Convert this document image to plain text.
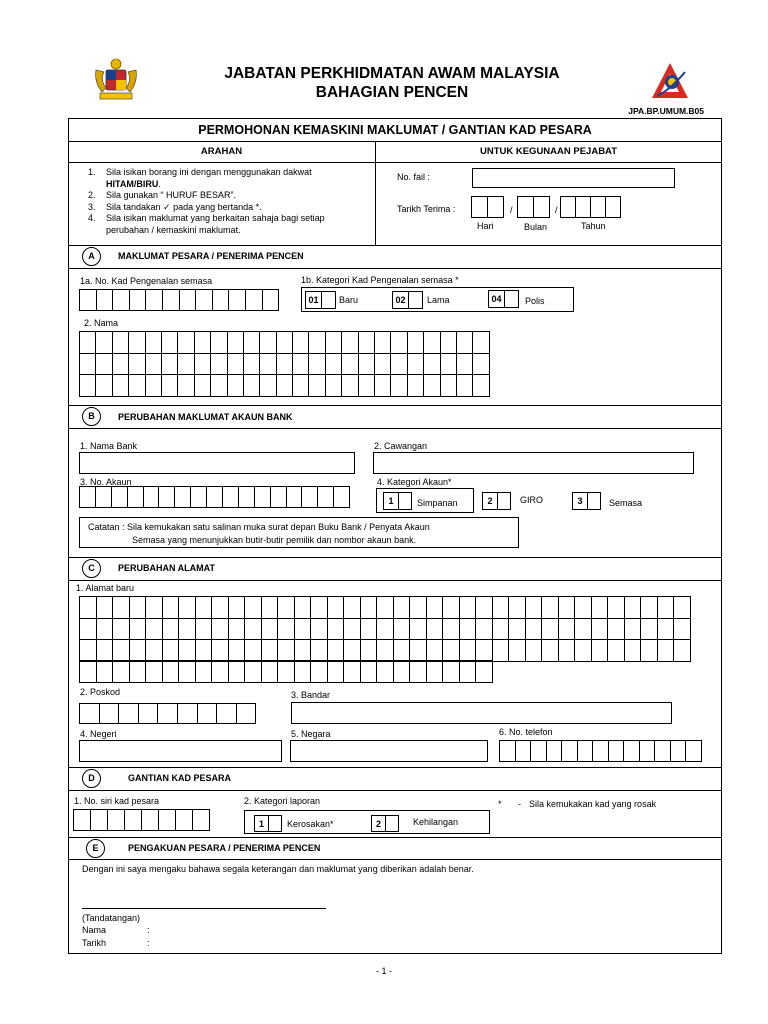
JABATAN PERKHIDMATAN AWAM MALAYSIA
BAHAGIAN PENCEN
JPA.BP.UMUM.B05
PERMOHONAN KEMASKINI MAKLUMAT / GANTIAN KAD PESARA
ARAHAN	UNTUK KEGUNAAN PEJABAT
1. Sila isikan borang ini dengan menggunakan dakwat
HITAM/BIRU.
2. Sila gunakan “ HURUF BESAR”.
3. Sila tandakan ✓ pada yang bertanda *.
4. Sila isikan maklumat yang berkaitan sahaja bagi setiap
perubahan / kemaskini maklumat.
No. fail :
Tarikh Terima :	/	/
Hari	Bulan	Tahun
A	MAKLUMAT PESARA / PENERIMA PENCEN
1a. No. Kad Pengenalan semasa	1b. Kategori Kad Pengenalan semasa *
01	Baru	02	Lama	04	Polis
2. Nama
B	PERUBAHAN MAKLUMAT AKAUN BANK
1. Nama Bank	2. Cawangan
3. No. Akaun	4. Kategori Akaun*
1	Simpanan	2	GIRO	3	Semasa
Catatan : Sila kemukakan satu salinan muka surat depan Buku Bank / Penyata Akaun
Semasa yang menunjukkan butir-butir pemilik dan nombor akaun bank.
C	PERUBAHAN ALAMAT
1. Alamat baru
2. Poskod	3. Bandar
4. Negeri	5. Negara	6. No. telefon
D	GANTIAN KAD PESARA
1. No. siri kad pesara	2. Kategori laporan
1	Kerosakan*	2	Kehilangan
* - Sila kemukakan kad yang rosak
E	PENGAKUAN PESARA / PENERIMA PENCEN
Dengan ini saya mengaku bahawa segala keterangan dan maklumat yang diberikan adalah benar.
(Tandatangan)
Nama	:
Tarikh	:
- 1 -
